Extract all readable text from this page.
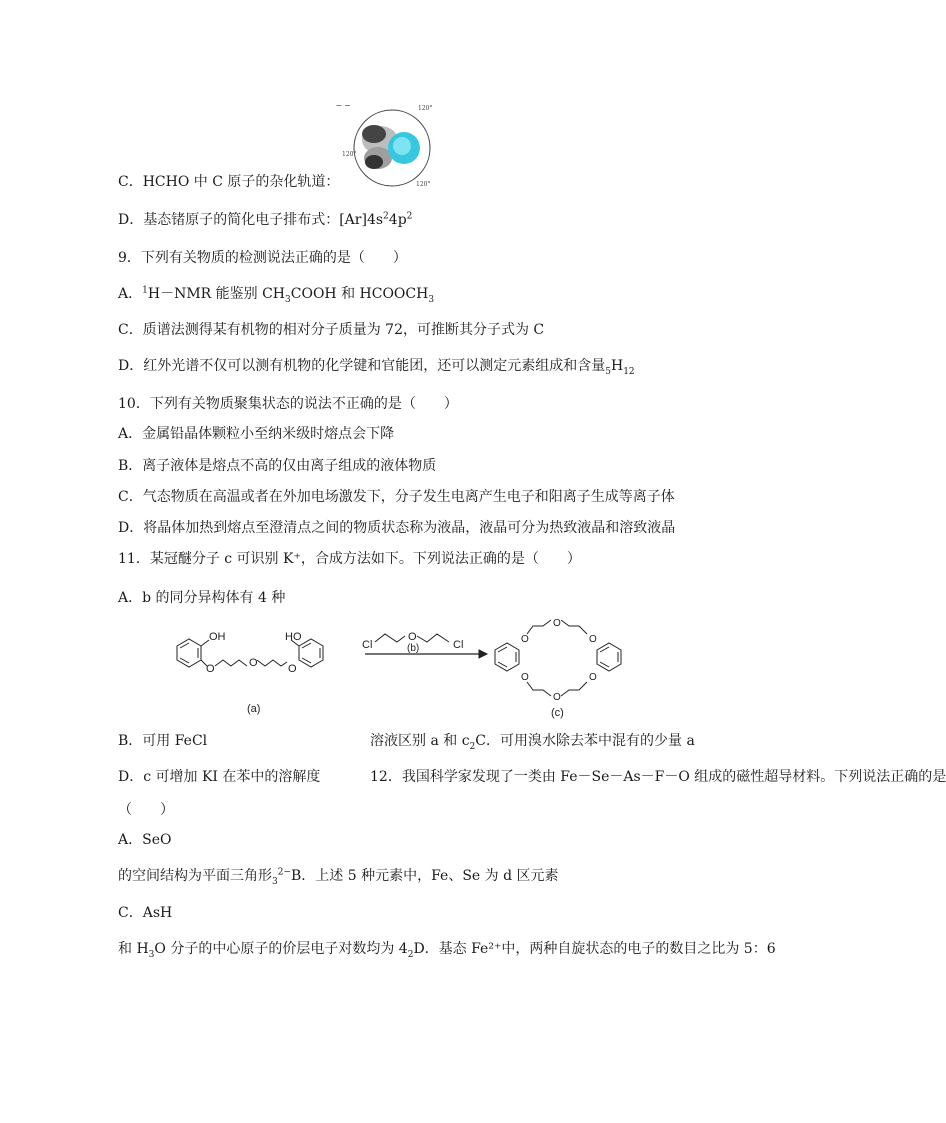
‒ ‒	120°
120°
120°
C．HCHO 中 C 原子的杂化轨道：
D．基态锗原子的简化电子排布式：$[Ar]4s^24p^2$
9．下列有关物质的检测说法正确的是（　　）
A．$^1$H－NMR 能鉴别 $CH_3COOH$ 和 $HCOOCH_3$
C．质谱法测得某有机物的相对分子质量为 72，可推断其分子式为 C
D．红外光谱不仅可以测有机物的化学键和官能团，还可以测定元素组成和含量$_5H_{12}$
10．下列有关物质聚集状态的说法不正确的是（　　）
A．金属铅晶体颗粒小至纳米级时熔点会下降
B．离子液体是熔点不高的仅由离子组成的液体物质
C．气态物质在高温或者在外加电场激发下，分子发生电离产生电子和阳离子生成等离子体
D．将晶体加热到熔点至澄清点之间的物质状态称为液晶，液晶可分为热致液晶和溶致液晶
11．某冠醚分子 c 可识别 K⁺，合成方法如下。下列说法正确的是（　　）
A．b 的同分异构体有 4 种
OH
O	O	O
HO
(a)
Cl
O
Cl
(b)
O
O
O
O
O
O
(c)
B．可用 FeCl	溶液区别 a 和 $c_2C$．可用溴水除去苯中混有的少量 a
D．c 可增加 KI 在苯中的溶解度	12．我国科学家发现了一类由 Fe－Se－As－F－O 组成的磁性超导材料。下列说法正确的是
（　　）
A．SeO
的空间结构为平面三角形$_3^{2-}$B．上述 5 种元素中，Fe、Se 为 d 区元素
C．AsH
和 $H_3O$ 分子的中心原子的价层电子对数均为 $4_2D$．基态 Fe²⁺中，两种自旋状态的电子的数目之比为 5：6
